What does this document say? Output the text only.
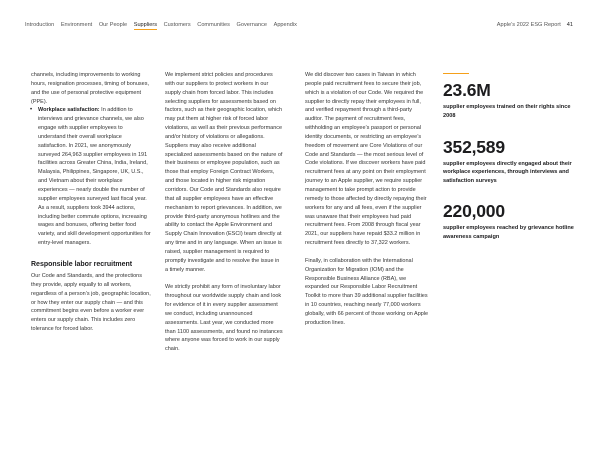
Introduction Environment Our People Suppliers Customers Communities Governance Appendix	Apple’s 2022 ESG Report 41

channels, including improvements to working hours, resignation processes, timing of bonuses, and the use of personal protective equipment (PPE).

•	Workplace satisfaction: In addition to interviews and grievance channels, we also engage with supplier employees to understand their overall workplace satisfaction. In 2021, we anonymously surveyed 264,963 supplier employees in 191 facilities across Greater China, India, Ireland, Malaysia, Philippines, Singapore, UK, U.S., and Vietnam about their workplace experiences — nearly double the number of supplier employees surveyed last fiscal year. As a result, suppliers took 3944 actions, including better commute options, increasing wages and bonuses, offering better food variety, and skill development opportunities for entry-level managers.

Responsible labor recruitment

Our Code and Standards, and the protections they provide, apply equally to all workers, regardless of a person’s job, geographic location, or how they enter our supply chain — and this commitment begins even before a worker ever enters our supply chain. This includes zero tolerance for forced labor.

We implement strict policies and procedures with our suppliers to protect workers in our supply chain from forced labor. This includes selecting suppliers for assessments based on factors, such as their geographic location, which may put them at higher risk of forced labor violations, as well as their previous performance and/or history of violations or allegations. Suppliers may also receive additional specialized assessments based on the nature of their business or employee population, such as those that employ Foreign Contract Workers, and those located in higher risk migration corridors. Our Code and Standards also require that all supplier employees have an effective mechanism to report grievances. In addition, we provide third-party anonymous hotlines and the ability to contact the Apple Environment and Supply Chain Innovation (ESCI) team directly at any time and in any language. When an issue is raised, supplier management is required to promptly investigate and to resolve the issue in a timely manner.

We strictly prohibit any form of involuntary labor throughout our worldwide supply chain and look for evidence of it in every supplier assessment we conduct, including unannounced assessments. Last year, we conducted more than 1100 assessments, and found no instances where anyone was forced to work in our supply chain.

We did discover two cases in Taiwan in which people paid recruitment fees to secure their job, which is a violation of our Code. We required the supplier to directly repay their employees in full, and verified repayment through a third-party auditor. The payment of recruitment fees, withholding an employee’s passport or personal identity documents, or restricting an employee’s freedom of movement are Core Violations of our Code and Standards — the most serious level of Code violations. If we discover workers have paid recruitment fees at any point on their employment journey to an Apple supplier, we require supplier management to take prompt action to provide remedy to those affected by directly repaying their workers for any and all fees, even if the supplier was unaware that their employees had paid recruitment fees. From 2008 through fiscal year 2021, our suppliers have repaid $33.2 million in recruitment fees directly to 37,322 workers.

Finally, in collaboration with the International Organization for Migration (IOM) and the Responsible Business Alliance (RBA), we expanded our Responsible Labor Recruitment Toolkit to more than 39 additional supplier facilities in 10 countries, reaching nearly 77,000 workers globally, with 66 percent of those working on Apple production lines.

23.6M
supplier employees trained on their rights since 2008
352,589
supplier employees directly engaged about their workplace experiences, through interviews and satisfaction surveys
220,000
supplier employees reached by grievance hotline awareness campaign
